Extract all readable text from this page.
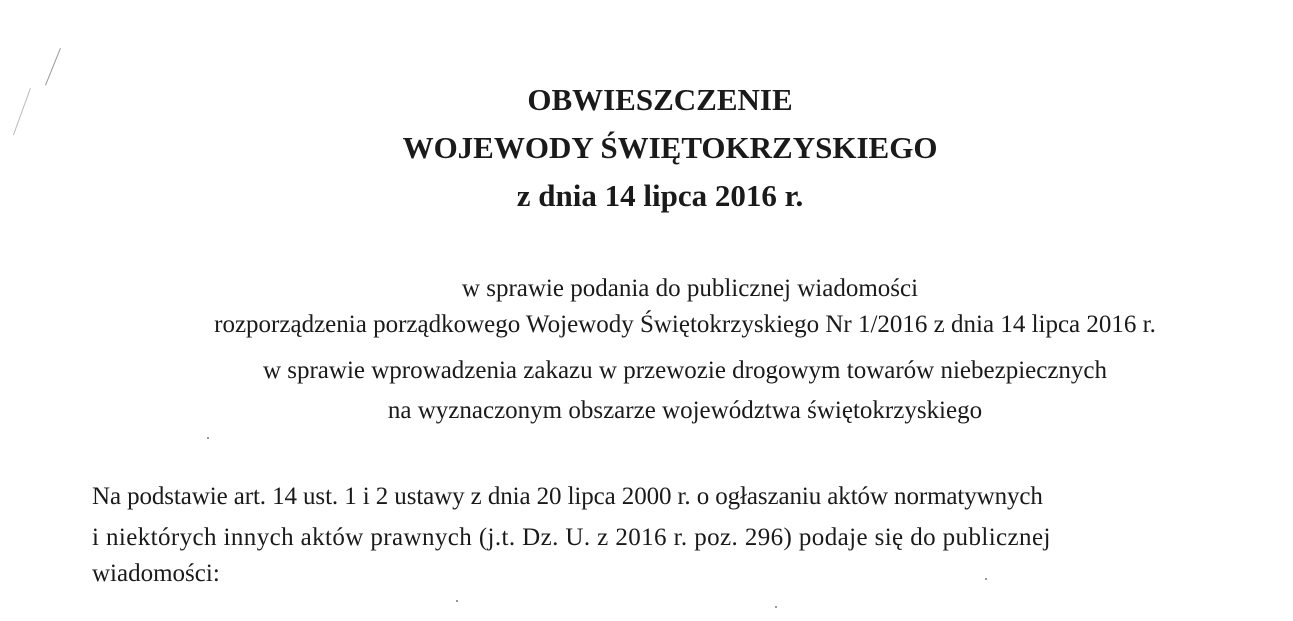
OBWIESZCZENIE
WOJEWODY ŚWIĘTOKRZYSKIEGO
z dnia 14 lipca 2016 r.
w sprawie podania do publicznej wiadomości
rozporządzenia porządkowego Wojewody Świętokrzyskiego Nr 1/2016 z dnia 14 lipca 2016 r.
w sprawie wprowadzenia zakazu w przewozie drogowym towarów niebezpiecznych
na wyznaczonym obszarze województwa świętokrzyskiego
Na podstawie art. 14 ust. 1 i 2 ustawy z dnia 20 lipca 2000 r. o ogłaszaniu aktów normatywnych
i niektórych innych aktów prawnych (j.t. Dz. U. z 2016 r. poz. 296) podaje się do publicznej
wiadomości:
